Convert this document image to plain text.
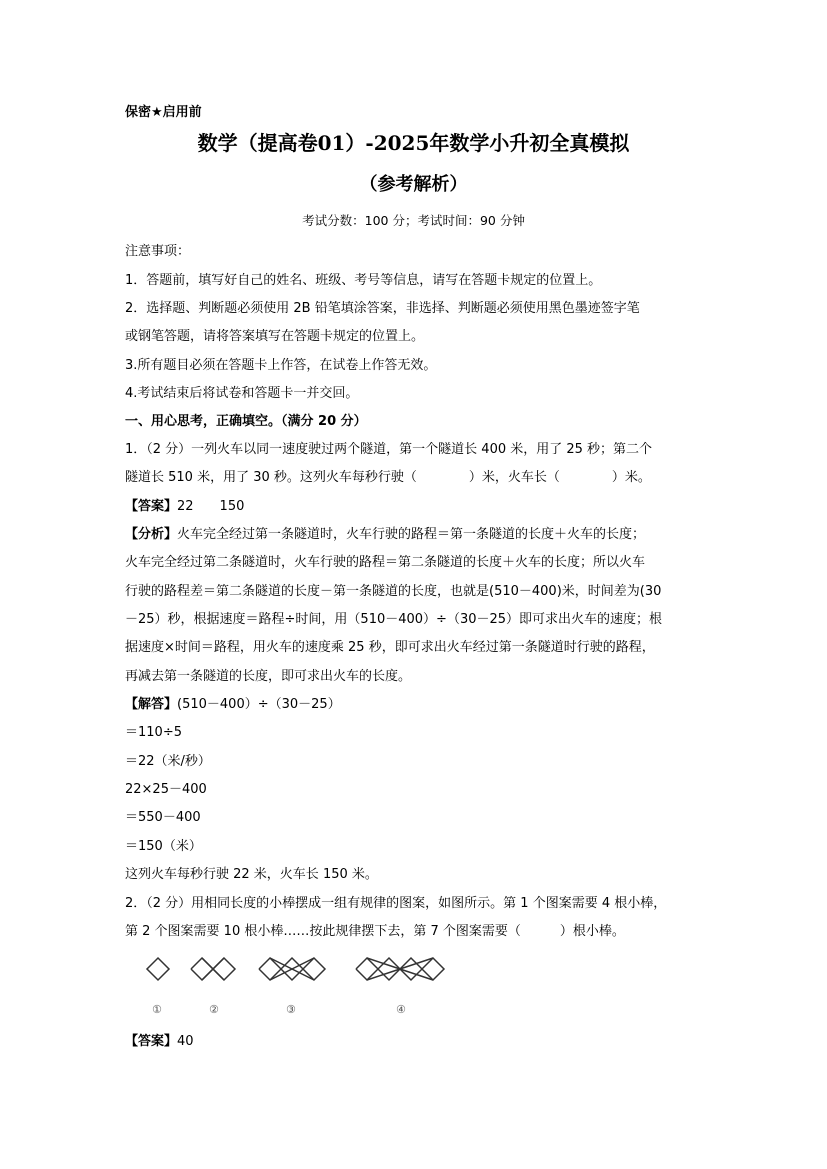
保密★启用前
数学（提高卷01）-2025年数学小升初全真模拟
（参考解析）
考试分数：100 分；考试时间：90 分钟
注意事项：
1．答题前，填写好自己的姓名、班级、考号等信息，请写在答题卡规定的位置上。
2．选择题、判断题必须使用 2B 铅笔填涂答案，非选择、判断题必须使用黑色墨迹签字笔
或钢笔答题，请将答案填写在答题卡规定的位置上。
3.所有题目必须在答题卡上作答，在试卷上作答无效。
4.考试结束后将试卷和答题卡一并交回。
一、用心思考，正确填空。（满分 20 分）
1．（2 分）一列火车以同一速度驶过两个隧道，第一个隧道长 400 米，用了 25 秒；第二个
隧道长 510 米，用了 30 秒。这列火车每秒行驶（　　　　）米，火车长（　　　　）米。
【答案】22　　150
【分析】火车完全经过第一条隧道时，火车行驶的路程＝第一条隧道的长度＋火车的长度；
火车完全经过第二条隧道时，火车行驶的路程＝第二条隧道的长度＋火车的长度；所以火车
行驶的路程差＝第二条隧道的长度－第一条隧道的长度，也就是(510－400)米，时间差为(30
－25）秒，根据速度＝路程÷时间，用（510－400）÷（30－25）即可求出火车的速度；根
据速度×时间＝路程，用火车的速度乘 25 秒，即可求出火车经过第一条隧道时行驶的路程，
再减去第一条隧道的长度，即可求出火车的长度。
【解答】(510－400）÷（30－25）
＝110÷5
＝22（米/秒）
22×25－400
＝550－400
＝150（米）
这列火车每秒行驶 22 米，火车长 150 米。
2．（2 分）用相同长度的小棒摆成一组有规律的图案，如图所示。第 1 个图案需要 4 根小棒，
第 2 个图案需要 10 根小棒……按此规律摆下去，第 7 个图案需要（　　　）根小棒。
①	②	③	④
【答案】40
